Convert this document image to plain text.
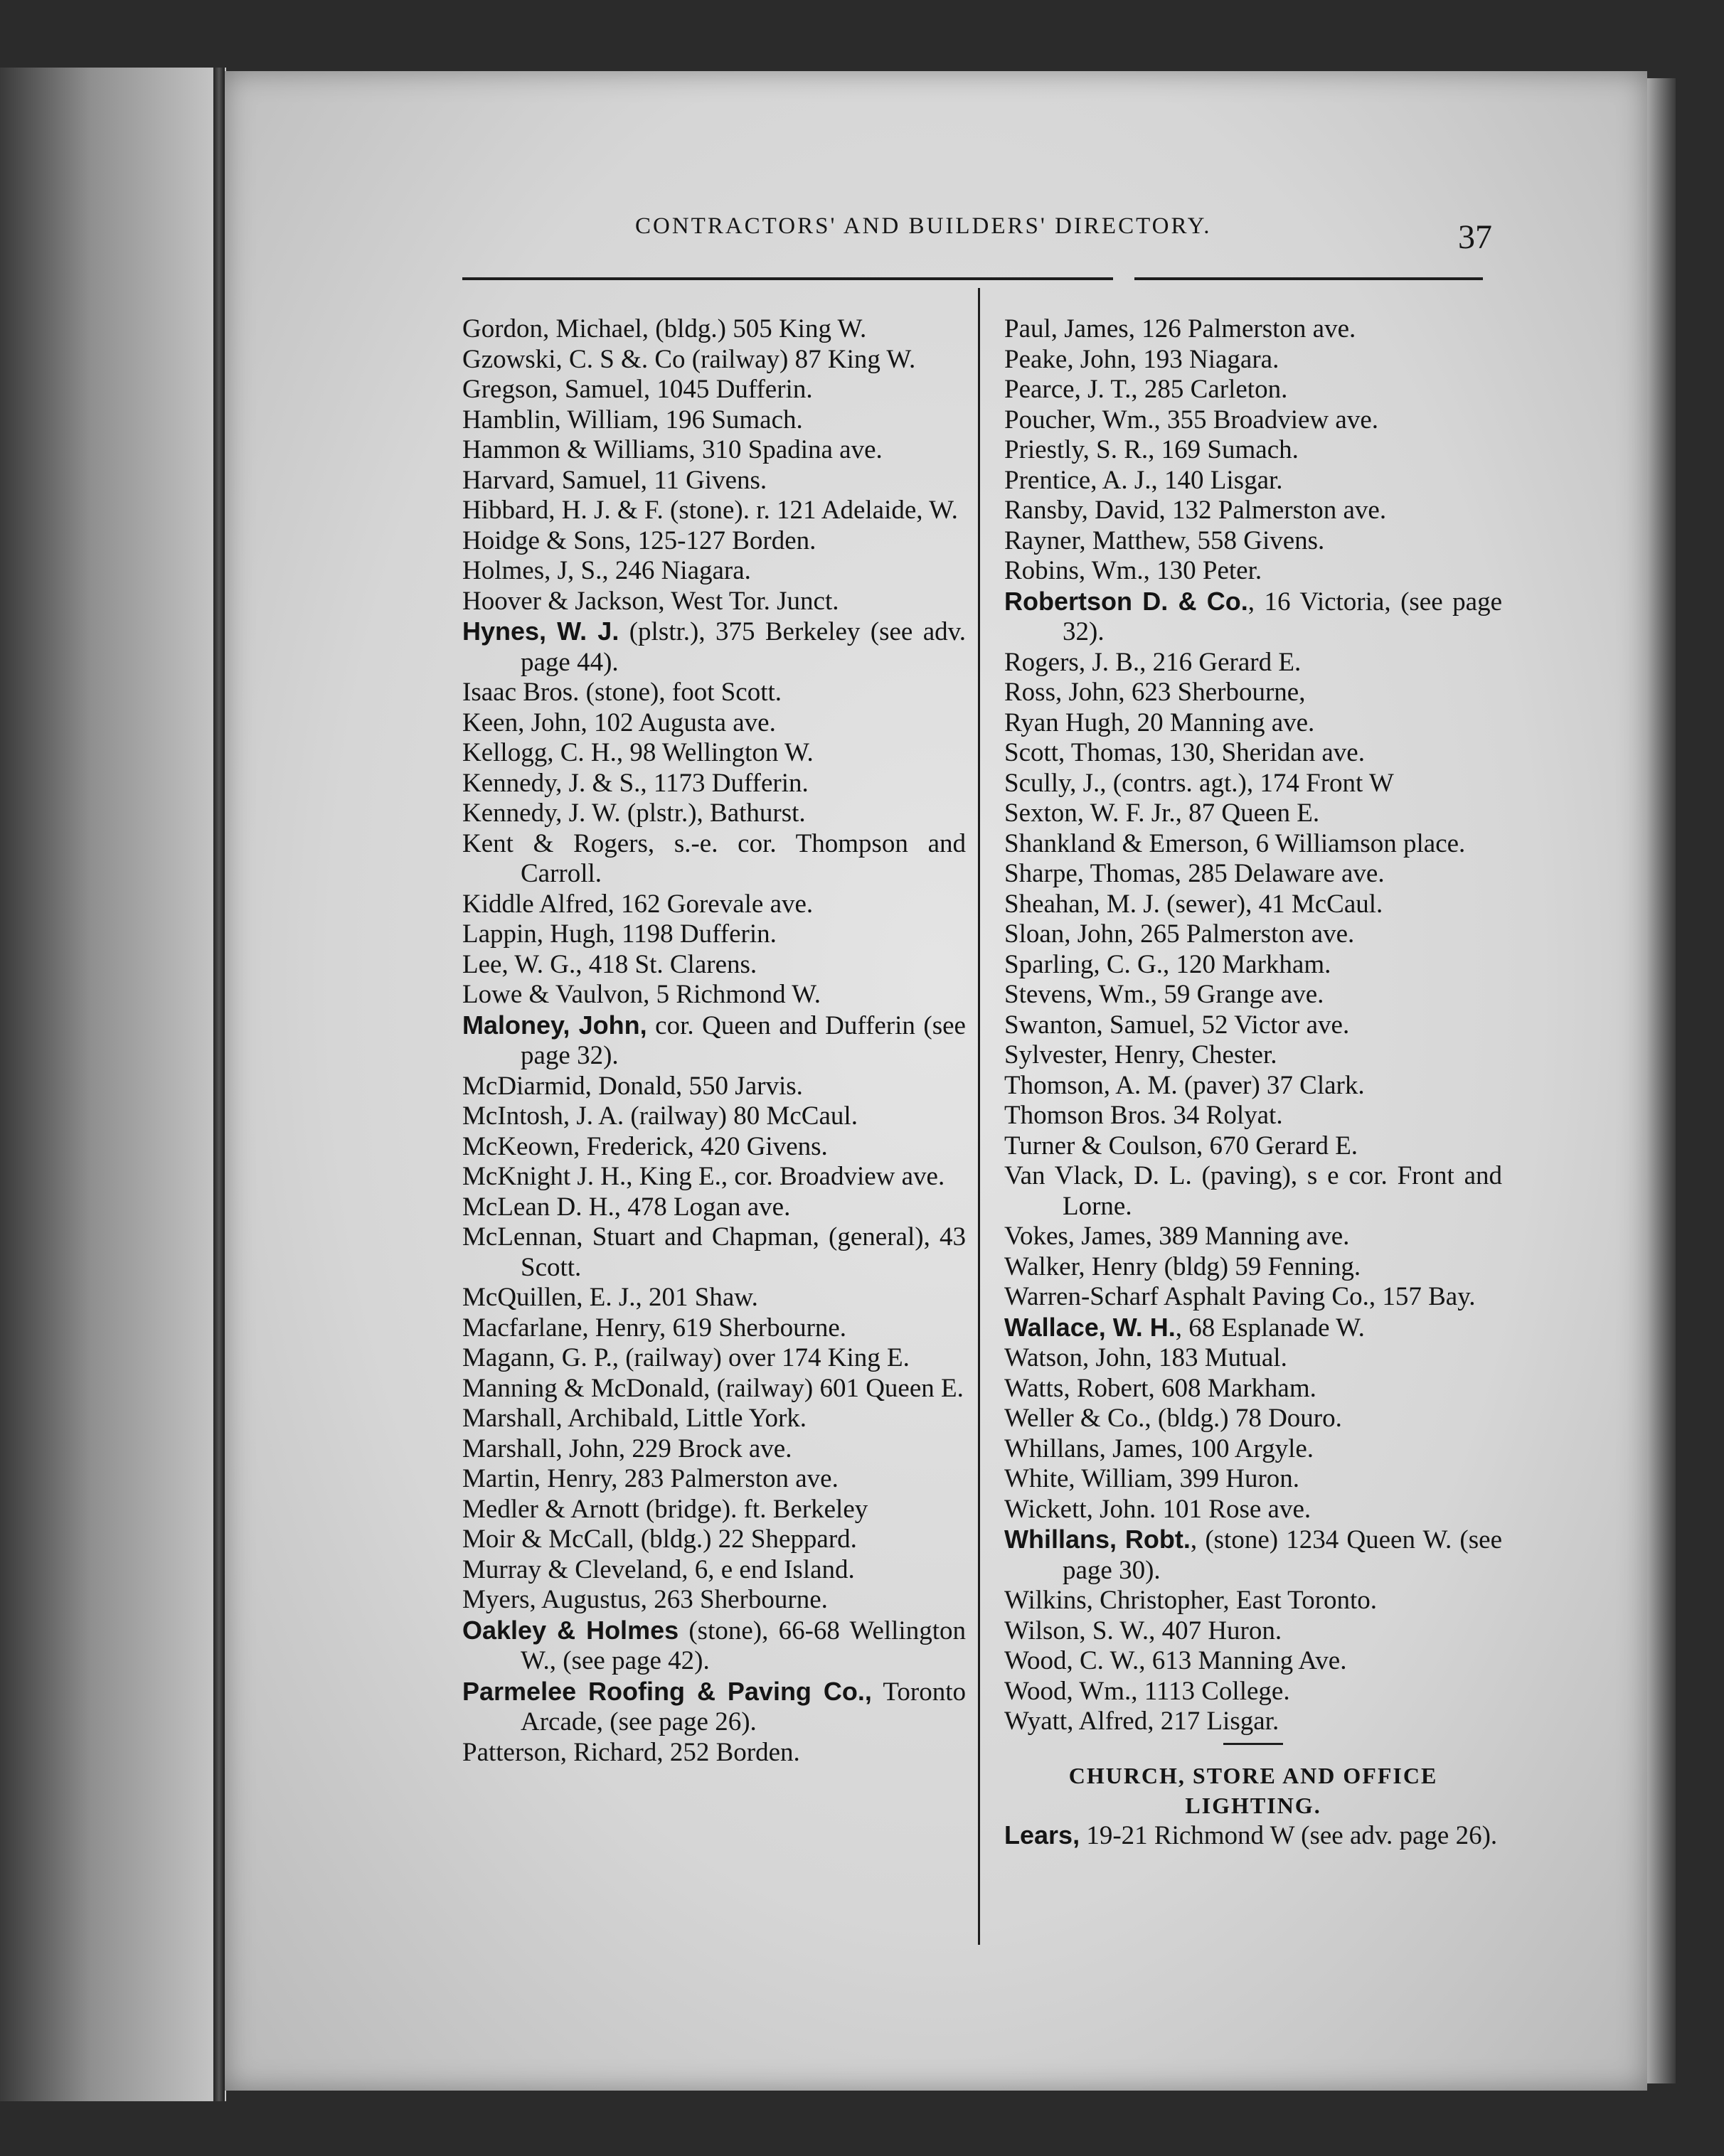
CONTRACTORS' AND BUILDERS' DIRECTORY.	37
Gordon, Michael, (bldg.) 505 King W.
Gzowski, C. S &. Co (railway) 87 King W.
Gregson, Samuel, 1045 Dufferin.
Hamblin, William, 196 Sumach.
Hammon & Williams, 310 Spadina ave.
Harvard, Samuel, 11 Givens.
Hibbard, H. J. & F. (stone). r. 121 Adelaide, W.
Hoidge & Sons, 125-127 Borden.
Holmes, J, S., 246 Niagara.
Hoover & Jackson, West Tor. Junct.
Hynes, W. J. (plstr.), 375 Berkeley (see adv. page 44).
Isaac Bros. (stone), foot Scott.
Keen, John, 102 Augusta ave.
Kellogg, C. H., 98 Wellington W.
Kennedy, J. & S., 1173 Dufferin.
Kennedy, J. W. (plstr.), Bathurst.
Kent & Rogers, s.-e. cor. Thompson and Carroll.
Kiddle Alfred, 162 Gorevale ave.
Lappin, Hugh, 1198 Dufferin.
Lee, W. G., 418 St. Clarens.
Lowe & Vaulvon, 5 Richmond W.
Maloney, John, cor. Queen and Dufferin (see page 32).
McDiarmid, Donald, 550 Jarvis.
McIntosh, J. A. (railway) 80 McCaul.
McKeown, Frederick, 420 Givens.
McKnight J. H., King E., cor. Broadview ave.
McLean D. H., 478 Logan ave.
McLennan, Stuart and Chapman, (general), 43 Scott.
McQuillen, E. J., 201 Shaw.
Macfarlane, Henry, 619 Sherbourne.
Magann, G. P., (railway) over 174 King E.
Manning & McDonald, (railway) 601 Queen E.
Marshall, Archibald, Little York.
Marshall, John, 229 Brock ave.
Martin, Henry, 283 Palmerston ave.
Medler & Arnott (bridge). ft. Berkeley
Moir & McCall, (bldg.) 22 Sheppard.
Murray & Cleveland, 6, e end Island.
Myers, Augustus, 263 Sherbourne.
Oakley & Holmes (stone), 66-68 Wellington W., (see page 42).
Parmelee Roofing & Paving Co., Toronto Arcade, (see page 26).
Patterson, Richard, 252 Borden.
Paul, James, 126 Palmerston ave.
Peake, John, 193 Niagara.
Pearce, J. T., 285 Carleton.
Poucher, Wm., 355 Broadview ave.
Priestly, S. R., 169 Sumach.
Prentice, A. J., 140 Lisgar.
Ransby, David, 132 Palmerston ave.
Rayner, Matthew, 558 Givens.
Robins, Wm., 130 Peter.
Robertson D. & Co., 16 Victoria, (see page 32).
Rogers, J. B., 216 Gerard E.
Ross, John, 623 Sherbourne,
Ryan Hugh, 20 Manning ave.
Scott, Thomas, 130, Sheridan ave.
Scully, J., (contrs. agt.), 174 Front W
Sexton, W. F. Jr., 87 Queen E.
Shankland & Emerson, 6 Williamson place.
Sharpe, Thomas, 285 Delaware ave.
Sheahan, M. J. (sewer), 41 McCaul.
Sloan, John, 265 Palmerston ave.
Sparling, C. G., 120 Markham.
Stevens, Wm., 59 Grange ave.
Swanton, Samuel, 52 Victor ave.
Sylvester, Henry, Chester.
Thomson, A. M. (paver) 37 Clark.
Thomson Bros. 34 Rolyat.
Turner & Coulson, 670 Gerard E.
Van Vlack, D. L. (paving), s e cor. Front and Lorne.
Vokes, James, 389 Manning ave.
Walker, Henry (bldg) 59 Fenning.
Warren-Scharf Asphalt Paving Co., 157 Bay.
Wallace, W. H., 68 Esplanade W.
Watson, John, 183 Mutual.
Watts, Robert, 608 Markham.
Weller & Co., (bldg.) 78 Douro.
Whillans, James, 100 Argyle.
White, William, 399 Huron.
Wickett, John. 101 Rose ave.
Whillans, Robt., (stone) 1234 Queen W. (see page 30).
Wilkins, Christopher, East Toronto.
Wilson, S. W., 407 Huron.
Wood, C. W., 613 Manning Ave.
Wood, Wm., 1113 College.
Wyatt, Alfred, 217 Lisgar.
CHURCH, STORE AND OFFICE LIGHTING.
Lears, 19-21 Richmond W (see adv. page 26).
